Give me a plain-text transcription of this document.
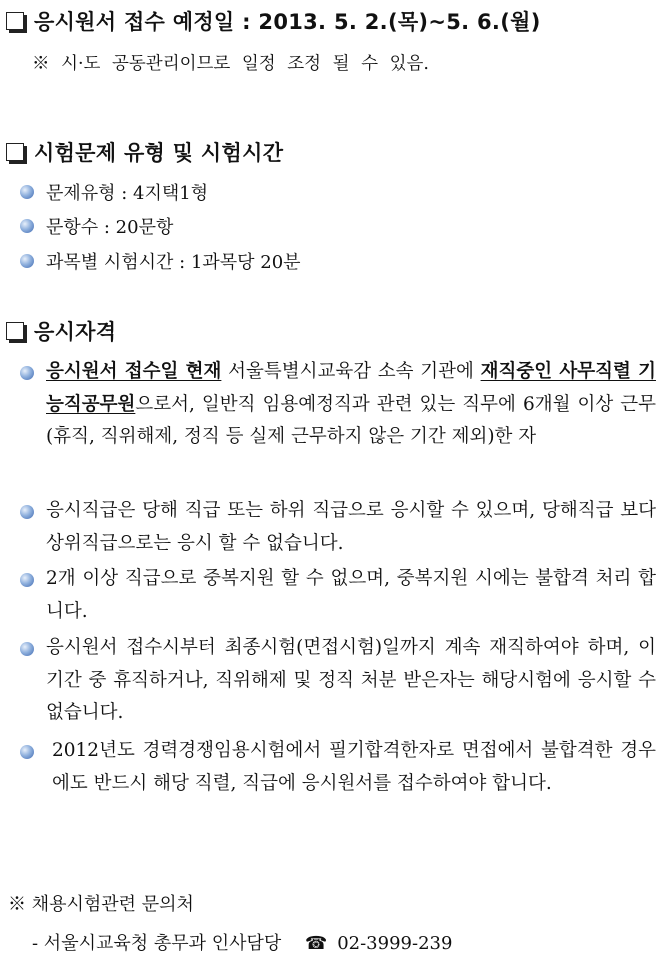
응시원서 접수 예정일 : 2013. 5. 2.(목)~5. 6.(월)
※ 시·도 공동관리이므로 일정 조정 될 수 있음.
시험문제 유형 및 시험시간
문제유형 : 4지택1형
문항수 : 20문항
과목별 시험시간 : 1과목당 20분
응시자격
응시원서 접수일 현재 서울특별시교육감 소속 기관에 재직중인 사무직렬 기능직공무원으로서, 일반직 임용예정직과 관련 있는 직무에 6개월 이상 근무(휴직, 직위해제, 정직 등 실제 근무하지 않은 기간 제외)한 자
응시직급은 당해 직급 또는 하위 직급으로 응시할 수 있으며, 당해직급 보다 상위직급으로는 응시 할 수 없습니다.
2개 이상 직급으로 중복지원 할 수 없으며, 중복지원 시에는 불합격 처리 합니다.
응시원서 접수시부터 최종시험(면접시험)일까지 계속 재직하여야 하며, 이 기간 중 휴직하거나, 직위해제 및 정직 처분 받은자는 해당시험에 응시할 수 없습니다.
2012년도 경력경쟁임용시험에서 필기합격한자로 면접에서 불합격한 경우에도 반드시 해당 직렬, 직급에 응시원서를 접수하여야 합니다.
※ 채용시험관련 문의처
- 서울시교육청 총무과 인사담당 ☎ 02-3999-239
